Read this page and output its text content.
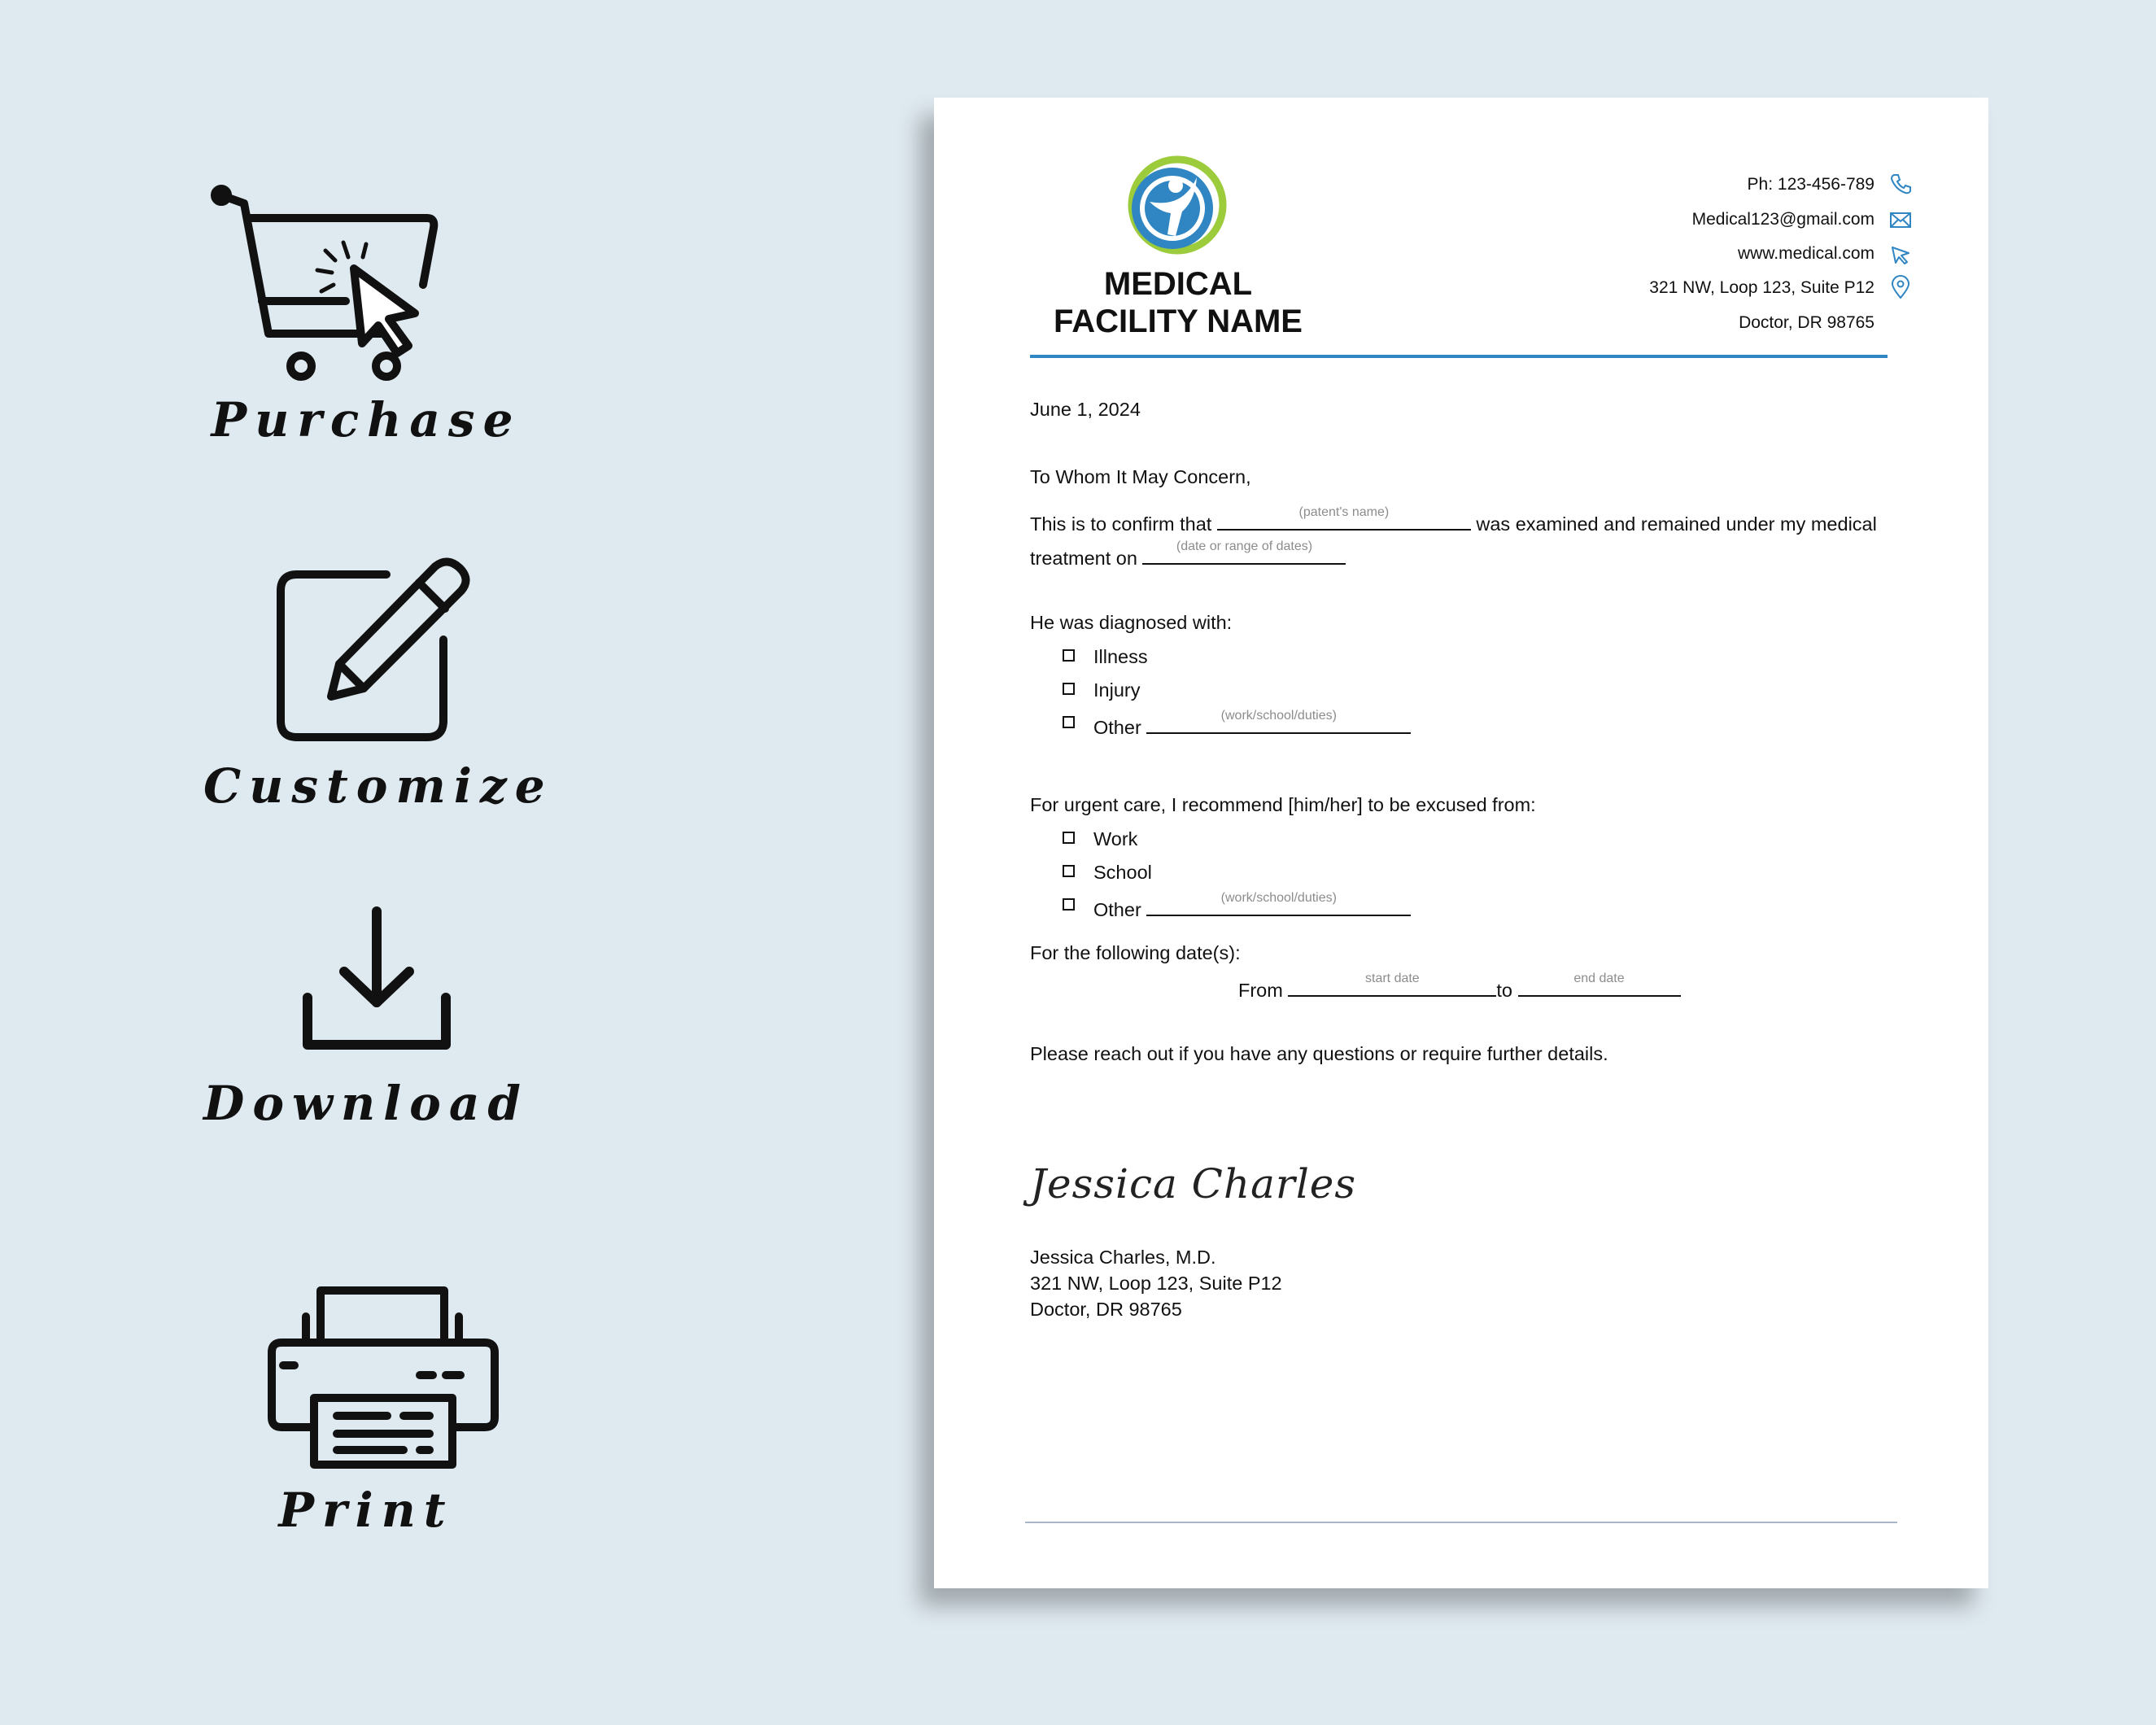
Purchase
Customize
Download
Print
MEDICAL FACILITY NAME
Ph: 123-456-789
Medical123@gmail.com
www.medical.com
321 NW, Loop 123, Suite P12
Doctor, DR 98765
June 1, 2024
To Whom It May Concern,
This is to confirm that
(patent's name)
was examined and remained under my medical
treatment on
(date or range of dates)
He was diagnosed with:
Illness
Injury
Other
(work/school/duties)
For urgent care, I recommend [him/her] to be excused from:
Work
School
Other
(work/school/duties)
For the following date(s):
From
start date
to
end date
Please reach out if you have any questions or require further details.
Jessica Charles
Jessica Charles, M.D.
321 NW, Loop 123, Suite P12
Doctor, DR 98765
